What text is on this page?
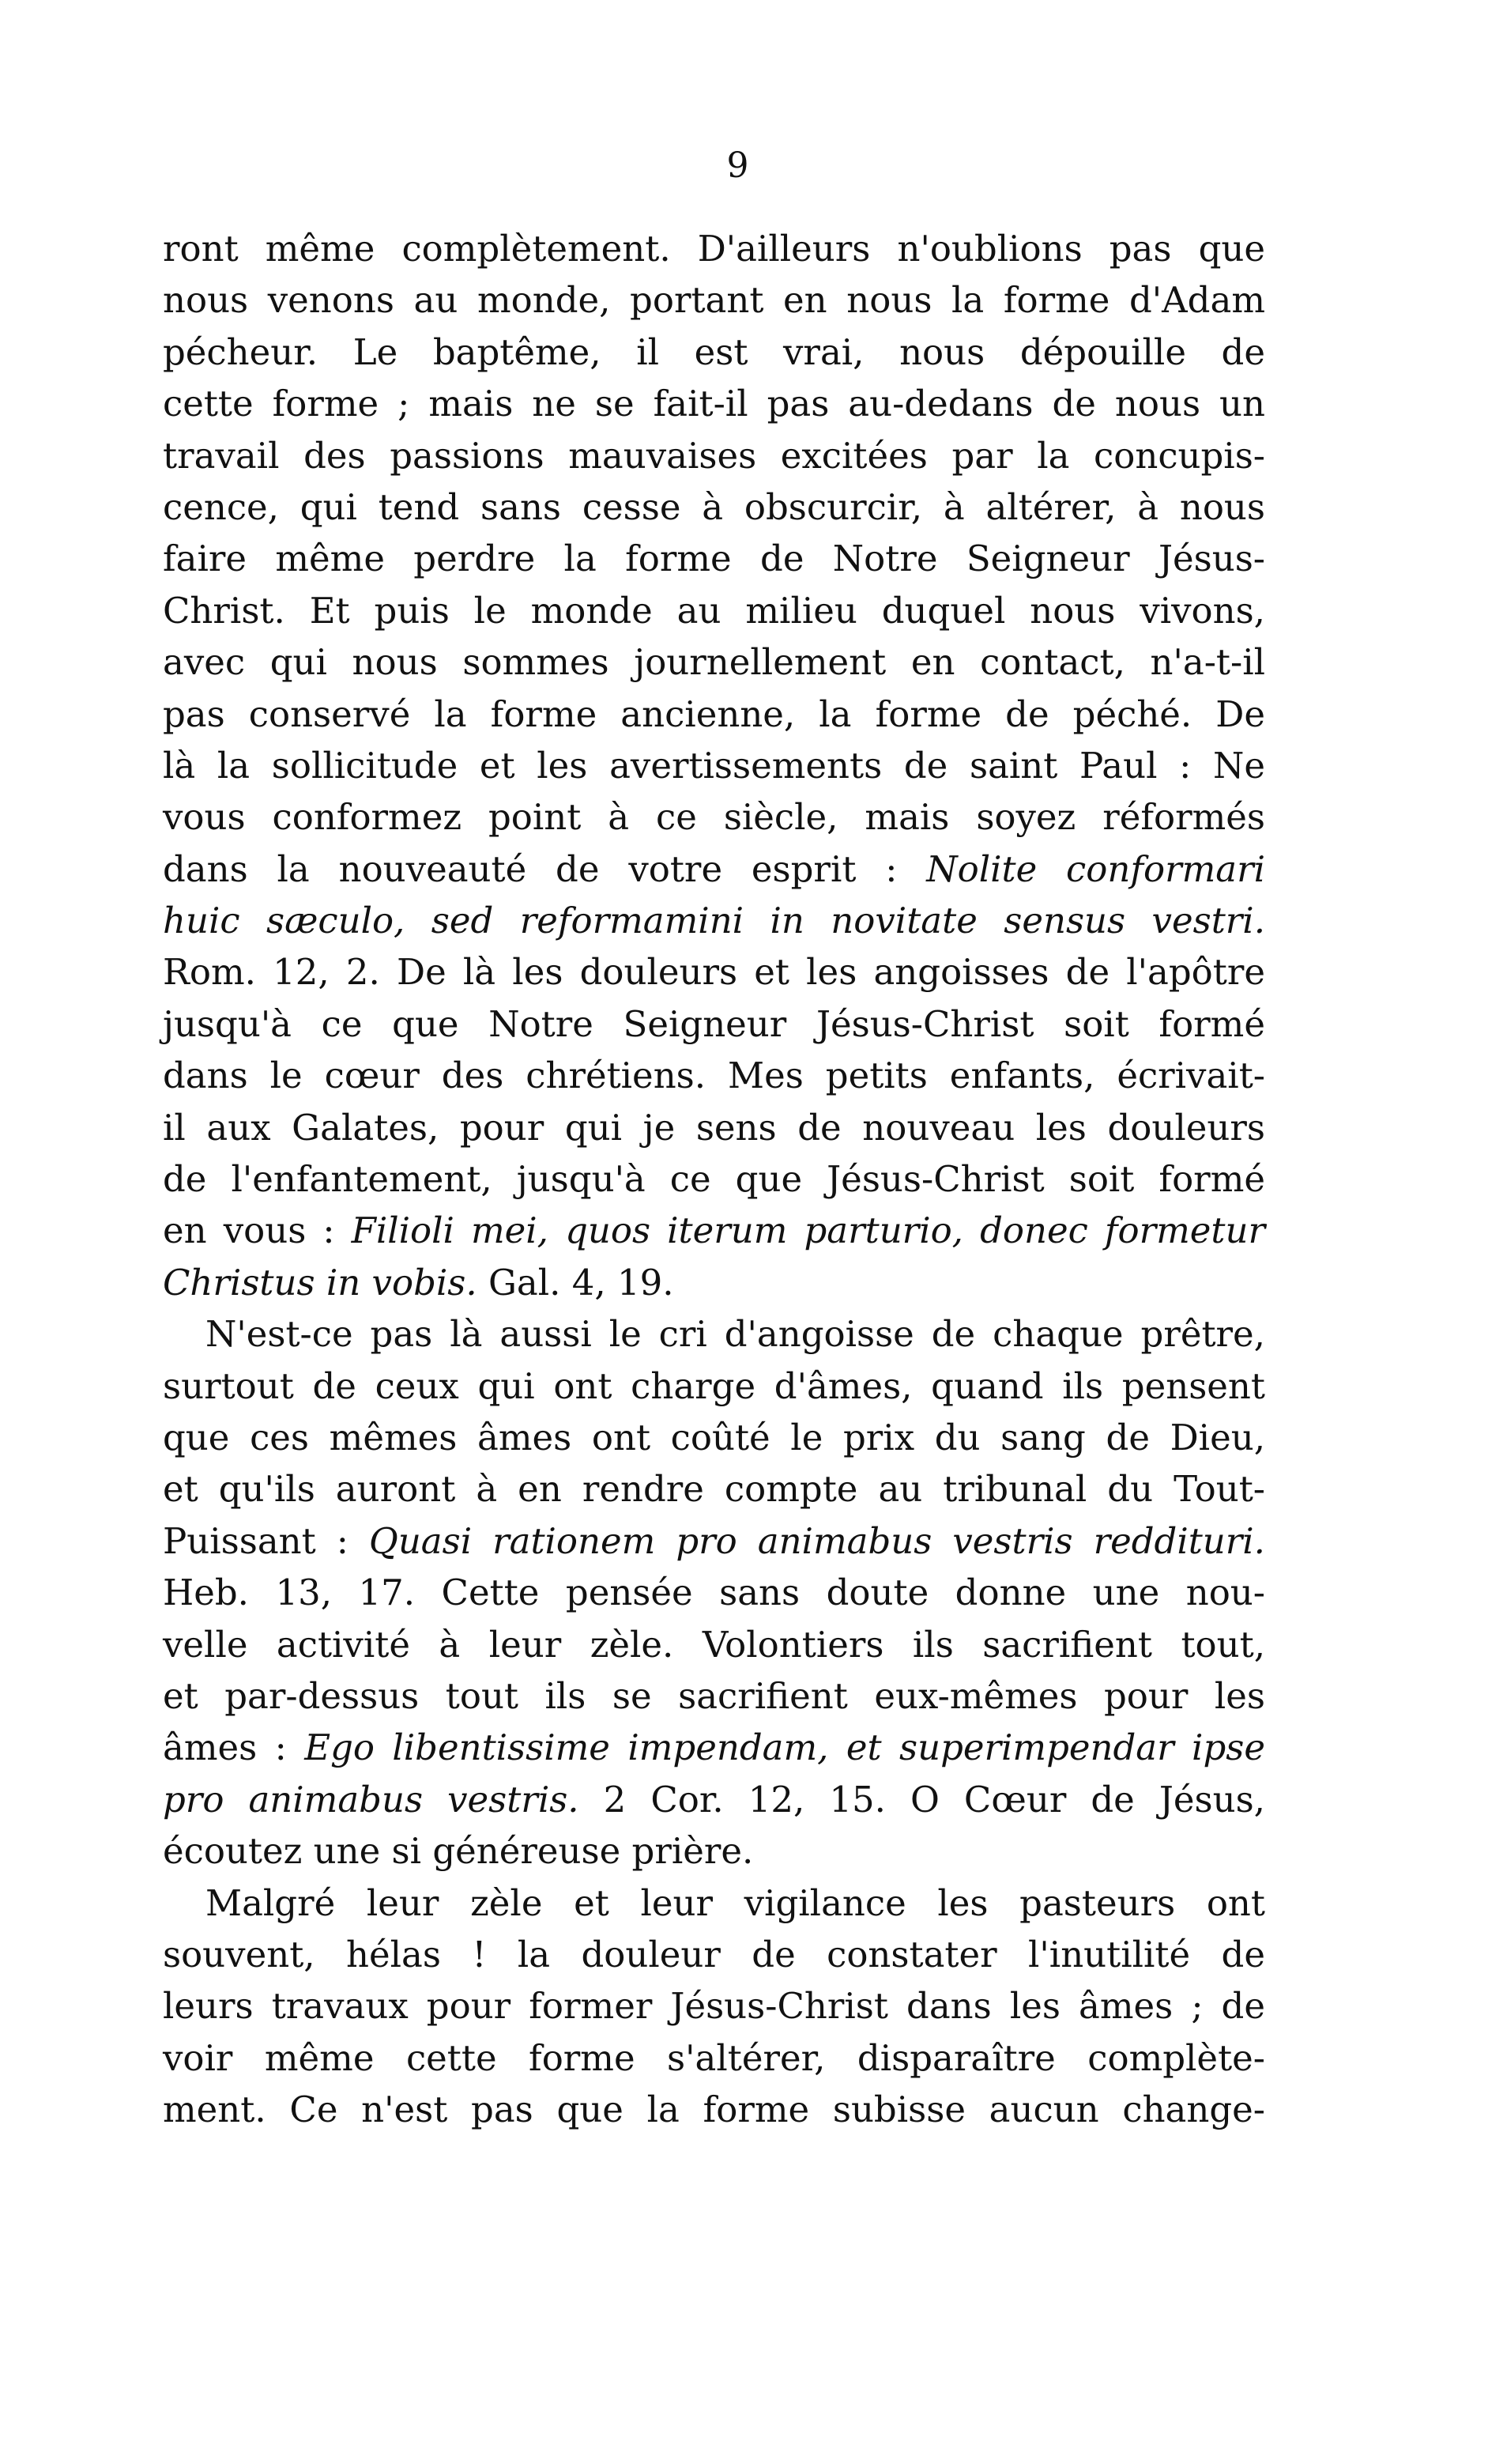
9
ront même complètement. D'ailleurs n'oublions pas que
nous venons au monde, portant en nous la forme d'Adam
pécheur. Le baptême, il est vrai, nous dépouille de
cette forme ; mais ne se fait-il pas au-dedans de nous un
travail des passions mauvaises excitées par la concupis-
cence, qui tend sans cesse à obscurcir, à altérer, à nous
faire même perdre la forme de Notre Seigneur Jésus-
Christ. Et puis le monde au milieu duquel nous vivons,
avec qui nous sommes journellement en contact, n'a-t-il
pas conservé la forme ancienne, la forme de péché. De
là la sollicitude et les avertissements de saint Paul : Ne
vous conformez point à ce siècle, mais soyez réformés
dans la nouveauté de votre esprit : Nolite conformari
huic sæculo, sed reformamini in novitate sensus vestri.
Rom. 12, 2. De là les douleurs et les angoisses de l'apôtre
jusqu'à ce que Notre Seigneur Jésus-Christ soit formé
dans le cœur des chrétiens. Mes petits enfants, écrivait-
il aux Galates, pour qui je sens de nouveau les douleurs
de l'enfantement, jusqu'à ce que Jésus-Christ soit formé
en vous : Filioli mei, quos iterum parturio, donec formetur
Christus in vobis. Gal. 4, 19.
N'est-ce pas là aussi le cri d'angoisse de chaque prêtre,
surtout de ceux qui ont charge d'âmes, quand ils pensent
que ces mêmes âmes ont coûté le prix du sang de Dieu,
et qu'ils auront à en rendre compte au tribunal du Tout-
Puissant : Quasi rationem pro animabus vestris reddituri.
Heb. 13, 17. Cette pensée sans doute donne une nou-
velle activité à leur zèle. Volontiers ils sacrifient tout,
et par-dessus tout ils se sacrifient eux-mêmes pour les
âmes : Ego libentissime impendam, et superimpendar ipse
pro animabus vestris. 2 Cor. 12, 15. O Cœur de Jésus,
écoutez une si généreuse prière.
Malgré leur zèle et leur vigilance les pasteurs ont
souvent, hélas ! la douleur de constater l'inutilité de
leurs travaux pour former Jésus-Christ dans les âmes ; de
voir même cette forme s'altérer, disparaître complète-
ment. Ce n'est pas que la forme subisse aucun change-
